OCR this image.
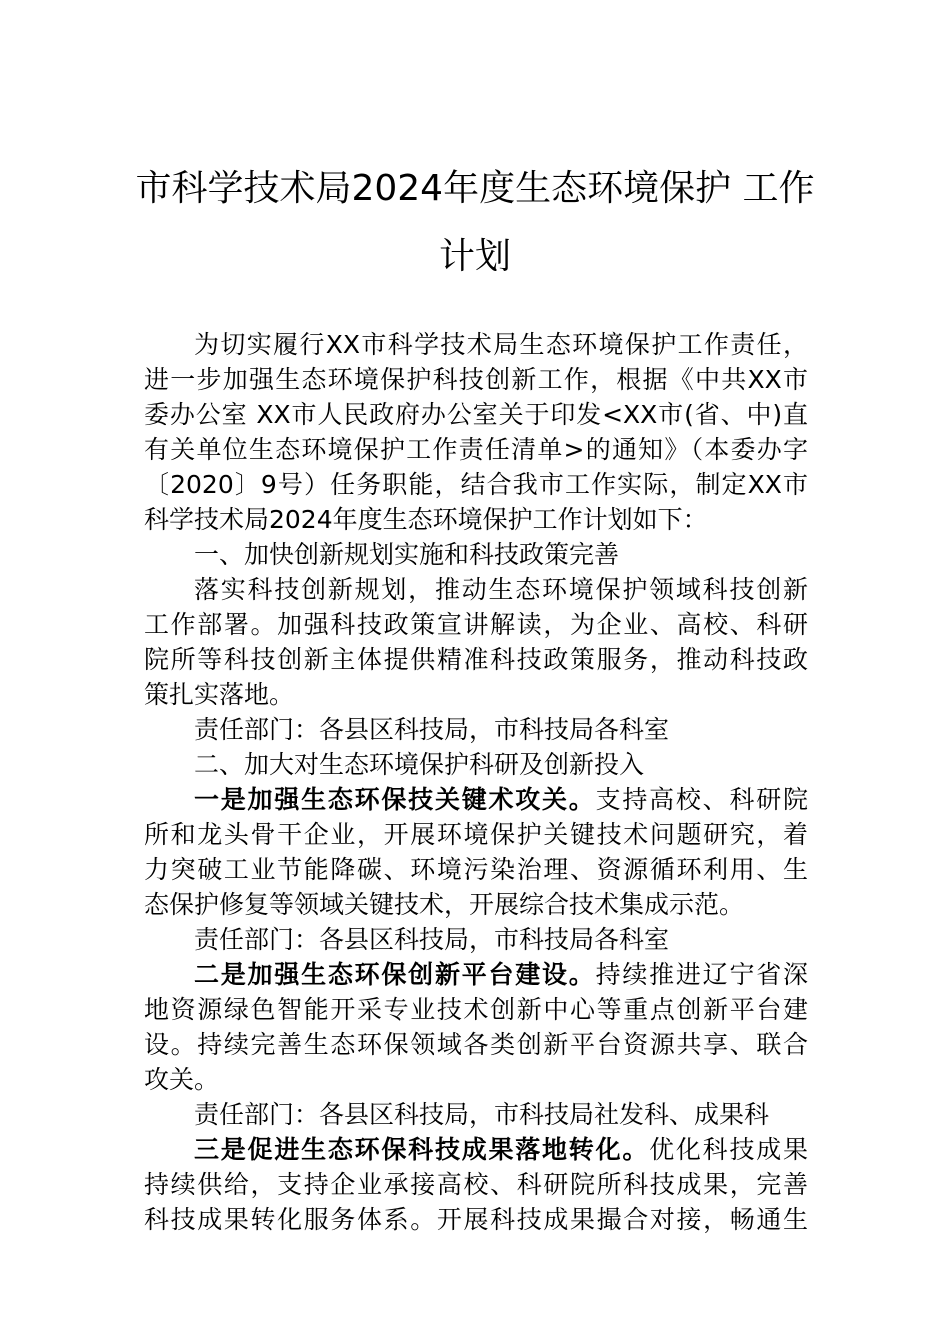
市科学技术局2024年度生态环境保护 工作
计划
为切实履行XX市科学技术局生态环境保护工作责任，
进一步加强生态环境保护科技创新工作，根据《中共XX市
委办公室 XX市人民政府办公室关于印发<XX市(省、中)直
有关单位生态环境保护工作责任清单>的通知》（本委办字
〔2020〕9号）任务职能，结合我市工作实际，制定XX市
科学技术局2024年度生态环境保护工作计划如下：
一、加快创新规划实施和科技政策完善
落实科技创新规划，推动生态环境保护领域科技创新
工作部署。加强科技政策宣讲解读，为企业、高校、科研
院所等科技创新主体提供精准科技政策服务，推动科技政
策扎实落地。
责任部门：各县区科技局，市科技局各科室
二、加大对生态环境保护科研及创新投入
一是加强生态环保技关键术攻关。支持高校、科研院
所和龙头骨干企业，开展环境保护关键技术问题研究，着
力突破工业节能降碳、环境污染治理、资源循环利用、生
态保护修复等领域关键技术，开展综合技术集成示范。
责任部门：各县区科技局，市科技局各科室
二是加强生态环保创新平台建设。持续推进辽宁省深
地资源绿色智能开采专业技术创新中心等重点创新平台建
设。持续完善生态环保领域各类创新平台资源共享、联合
攻关。
责任部门：各县区科技局，市科技局社发科、成果科
三是促进生态环保科技成果落地转化。优化科技成果
持续供给，支持企业承接高校、科研院所科技成果，完善
科技成果转化服务体系。开展科技成果撮合对接，畅通生
